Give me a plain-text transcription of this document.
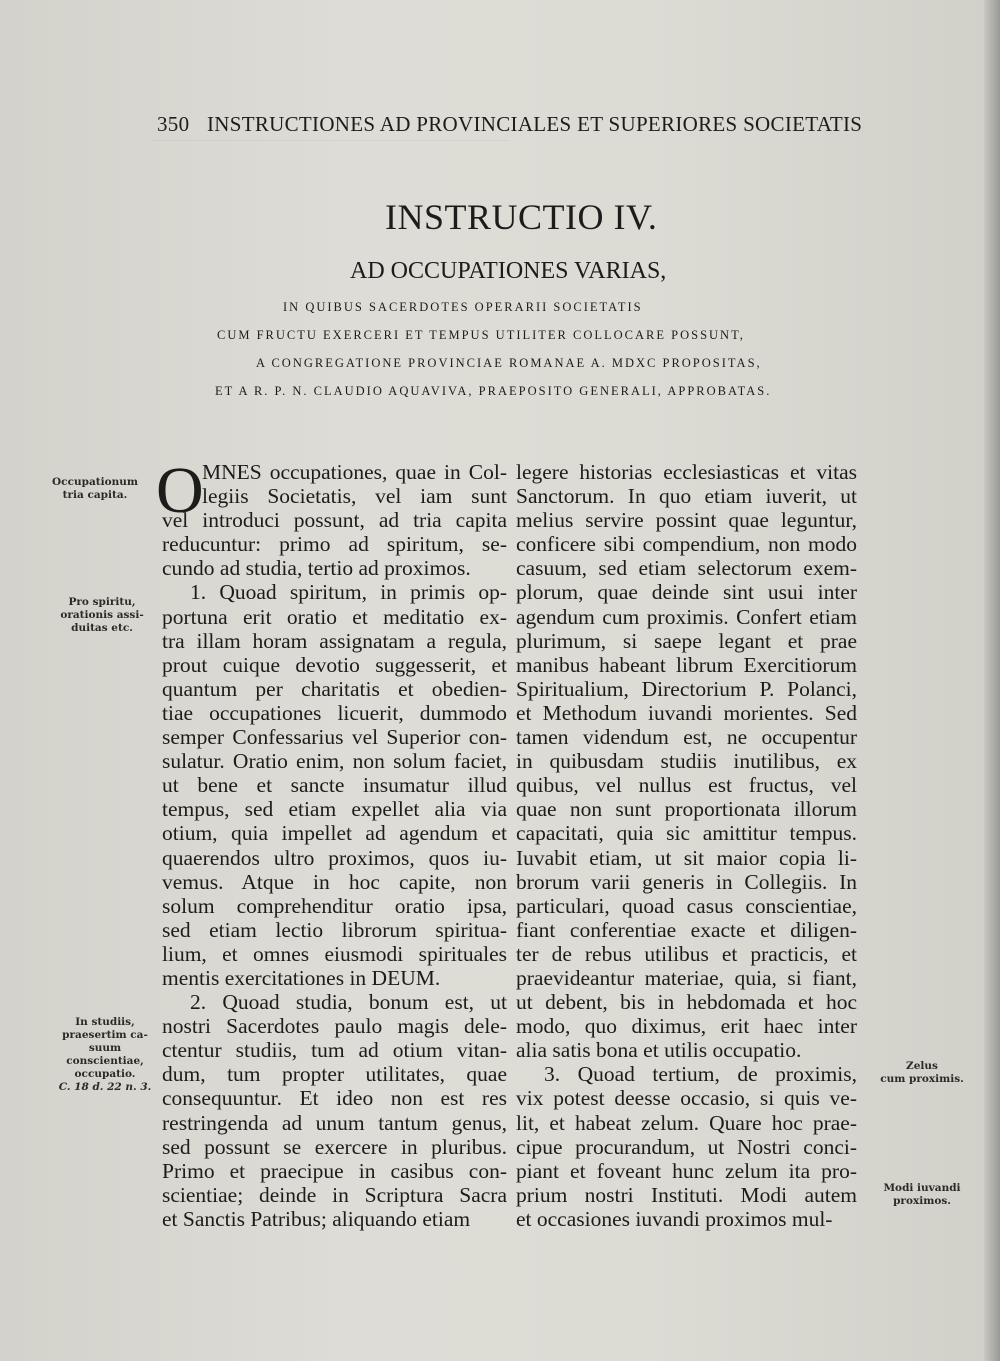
350 INSTRUCTIONES AD PROVINCIALES ET SUPERIORES SOCIETATIS
INSTRUCTIO IV.
AD OCCUPATIONES VARIAS,
IN QUIBUS SACERDOTES OPERARII SOCIETATIS
CUM FRUCTU EXERCERI ET TEMPUS UTILITER COLLOCARE POSSUNT,
A CONGREGATIONE PROVINCIAE ROMANAE A. MDXC PROPOSITAS,
ET A R. P. N. CLAUDIO AQUAVIVA, PRAEPOSITO GENERALI, APPROBATAS.
Occupationum
tria capita.
Pro spiritu,
orationis assi-
duitas etc.
In studiis,
praesertim ca-
suum
conscientiae,
occupatio.
C. 18 d. 22 n. 3.
Zelus
cum proximis.
Modi iuvandi
proximos.
O
MNES occupationes, quae in Col-
legiis Societatis, vel iam sunt
vel introduci possunt, ad tria capita
reducuntur: primo ad spiritum, se-
cundo ad studia, tertio ad proximos.
1. Quoad spiritum, in primis op-
portuna erit oratio et meditatio ex-
tra illam horam assignatam a regula,
prout cuique devotio suggesserit, et
quantum per charitatis et obedien-
tiae occupationes licuerit, dummodo
semper Confessarius vel Superior con-
sulatur. Oratio enim, non solum faciet,
ut bene et sancte insumatur illud
tempus, sed etiam expellet alia via
otium, quia impellet ad agendum et
quaerendos ultro proximos, quos iu-
vemus. Atque in hoc capite, non
solum comprehenditur oratio ipsa,
sed etiam lectio librorum spiritua-
lium, et omnes eiusmodi spirituales
mentis exercitationes in DEUM.
2. Quoad studia, bonum est, ut
nostri Sacerdotes paulo magis dele-
ctentur studiis, tum ad otium vitan-
dum, tum propter utilitates, quae
consequuntur. Et ideo non est res
restringenda ad unum tantum genus,
sed possunt se exercere in pluribus.
Primo et praecipue in casibus con-
scientiae; deinde in Scriptura Sacra
et Sanctis Patribus; aliquando etiam
legere historias ecclesiasticas et vitas
Sanctorum. In quo etiam iuverit, ut
melius servire possint quae leguntur,
conficere sibi compendium, non modo
casuum, sed etiam selectorum exem-
plorum, quae deinde sint usui inter
agendum cum proximis. Confert etiam
plurimum, si saepe legant et prae
manibus habeant librum Exercitiorum
Spiritualium, Directorium P. Polanci,
et Methodum iuvandi morientes. Sed
tamen videndum est, ne occupentur
in quibusdam studiis inutilibus, ex
quibus, vel nullus est fructus, vel
quae non sunt proportionata illorum
capacitati, quia sic amittitur tempus.
Iuvabit etiam, ut sit maior copia li-
brorum varii generis in Collegiis. In
particulari, quoad casus conscientiae,
fiant conferentiae exacte et diligen-
ter de rebus utilibus et practicis, et
praevideantur materiae, quia, si fiant,
ut debent, bis in hebdomada et hoc
modo, quo diximus, erit haec inter
alia satis bona et utilis occupatio.
3. Quoad tertium, de proximis,
vix potest deesse occasio, si quis ve-
lit, et habeat zelum. Quare hoc prae-
cipue procurandum, ut Nostri conci-
piant et foveant hunc zelum ita pro-
prium nostri Instituti. Modi autem
et occasiones iuvandi proximos mul-
